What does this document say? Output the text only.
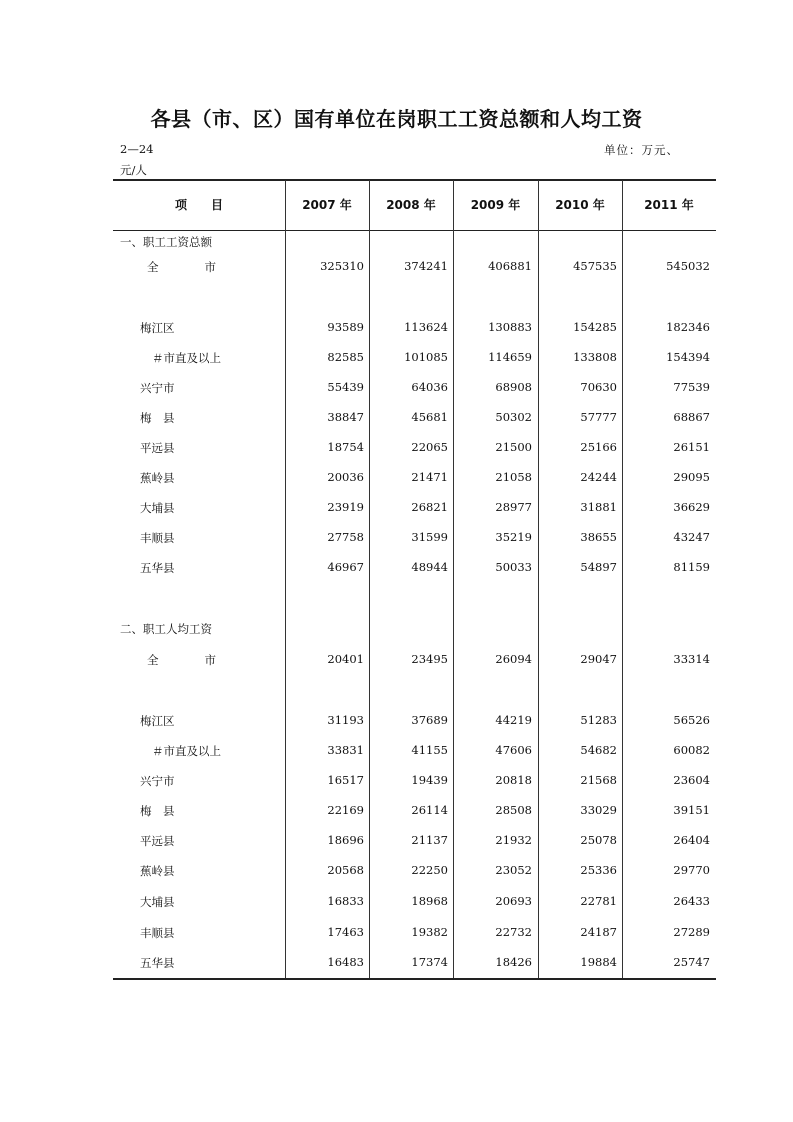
各县（市、区）国有单位在岗职工工资总额和人均工资
2—24	单位：万元、
元/人
项　　目	2007 年	2008 年	2009 年	2010 年	2011 年
一、职工工资总额
全　　　　市	325310	374241	406881	457535	545032
梅江区	93589	113624	130883	154285	182346
＃市直及以上	82585	101085	114659	133808	154394
兴宁市	55439	64036	68908	70630	77539
梅　县	38847	45681	50302	57777	68867
平远县	18754	22065	21500	25166	26151
蕉岭县	20036	21471	21058	24244	29095
大埔县	23919	26821	28977	31881	36629
丰顺县	27758	31599	35219	38655	43247
五华县	46967	48944	50033	54897	81159
二、职工人均工资
全　　　　市	20401	23495	26094	29047	33314
梅江区	31193	37689	44219	51283	56526
＃市直及以上	33831	41155	47606	54682	60082
兴宁市	16517	19439	20818	21568	23604
梅　县	22169	26114	28508	33029	39151
平远县	18696	21137	21932	25078	26404
蕉岭县	20568	22250	23052	25336	29770
大埔县	16833	18968	20693	22781	26433
丰顺县	17463	19382	22732	24187	27289
五华县	16483	17374	18426	19884	25747
